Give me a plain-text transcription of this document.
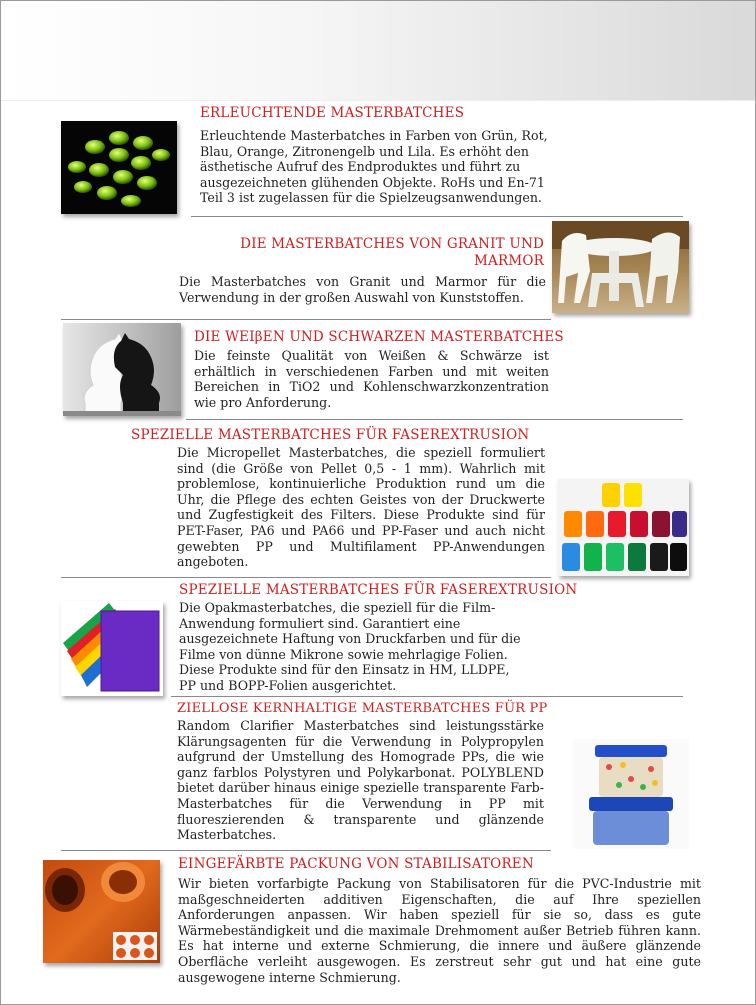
ERLEUCHTENDE MASTERBATCHES
Erleuchtende Masterbatches in Farben von Grün, Rot, Blau, Orange, Zitronengelb und Lila. Es erhöht den ästhetische Aufruf des Endproduktes und führt zu ausgezeichneten glühenden Objekte. RoHs und En-71 Teil 3 ist zugelassen für die Spielzeugsanwendungen.
DIE MASTERBATCHES VON GRANIT UND
MARMOR
Die Masterbatches von Granit und Marmor für die Verwendung in der großen Auswahl von Kunststoffen.
DIE WEIβEN UND SCHWARZEN MASTERBATCHES
Die feinste Qualität von Weißen & Schwärze ist erhältlich in verschiedenen Farben und mit weiten Bereichen in TiO2 und Kohlenschwarzkonzentration wie pro Anforderung.
SPEZIELLE MASTERBATCHES FÜR FASEREXTRUSION
Die Micropellet Masterbatches, die speziell formuliert sind (die Größe von Pellet 0,5 - 1 mm). Wahrlich mit problemlose, kontinuierliche Produktion rund um die Uhr, die Pflege des echten Geistes von der Druckwerte und Zugfestigkeit des Filters. Diese Produkte sind für PET-Faser, PA6 und PA66 und PP-Faser und auch nicht gewebten PP und Multifilament PP-Anwendungen angeboten.
SPEZIELLE MASTERBATCHES FÜR FASEREXTRUSION
Die Opakmasterbatches, die speziell für die Film-Anwendung formuliert sind. Garantiert eine ausgezeichnete Haftung von Druckfarben und für die Filme von dünne Mikrone sowie mehrlagige Folien. Diese Produkte sind für den Einsatz in HM, LLDPE, PP und BOPP-Folien ausgerichtet.
ZIELLOSE KERNHALTIGE MASTERBATCHES FÜR PP
Random Clarifier Masterbatches sind leistungsstärke Klärungsagenten für die Verwendung in Polypropylen aufgrund der Umstellung des Homograde PPs, die wie ganz farblos Polystyren und Polykarbonat. POLYBLEND bietet darüber hinaus einige spezielle transparente Farb-Masterbatches für die Verwendung in PP mit fluoreszierenden & transparente und glänzende Masterbatches.
EINGEFÄRBTE PACKUNG VON STABILISATOREN
Wir bieten vorfarbigte Packung von Stabilisatoren für die PVC-Industrie mit maßgeschneiderten additiven Eigenschaften, die auf Ihre speziellen Anforderungen anpassen. Wir haben speziell für sie so, dass es gute Wärmebeständigkeit und die maximale Drehmoment außer Betrieb führen kann. Es hat interne und externe Schmierung, die innere und äußere glänzende Oberfläche verleiht ausgewogen. Es zerstreut sehr gut und hat eine gute ausgewogene interne Schmierung.
